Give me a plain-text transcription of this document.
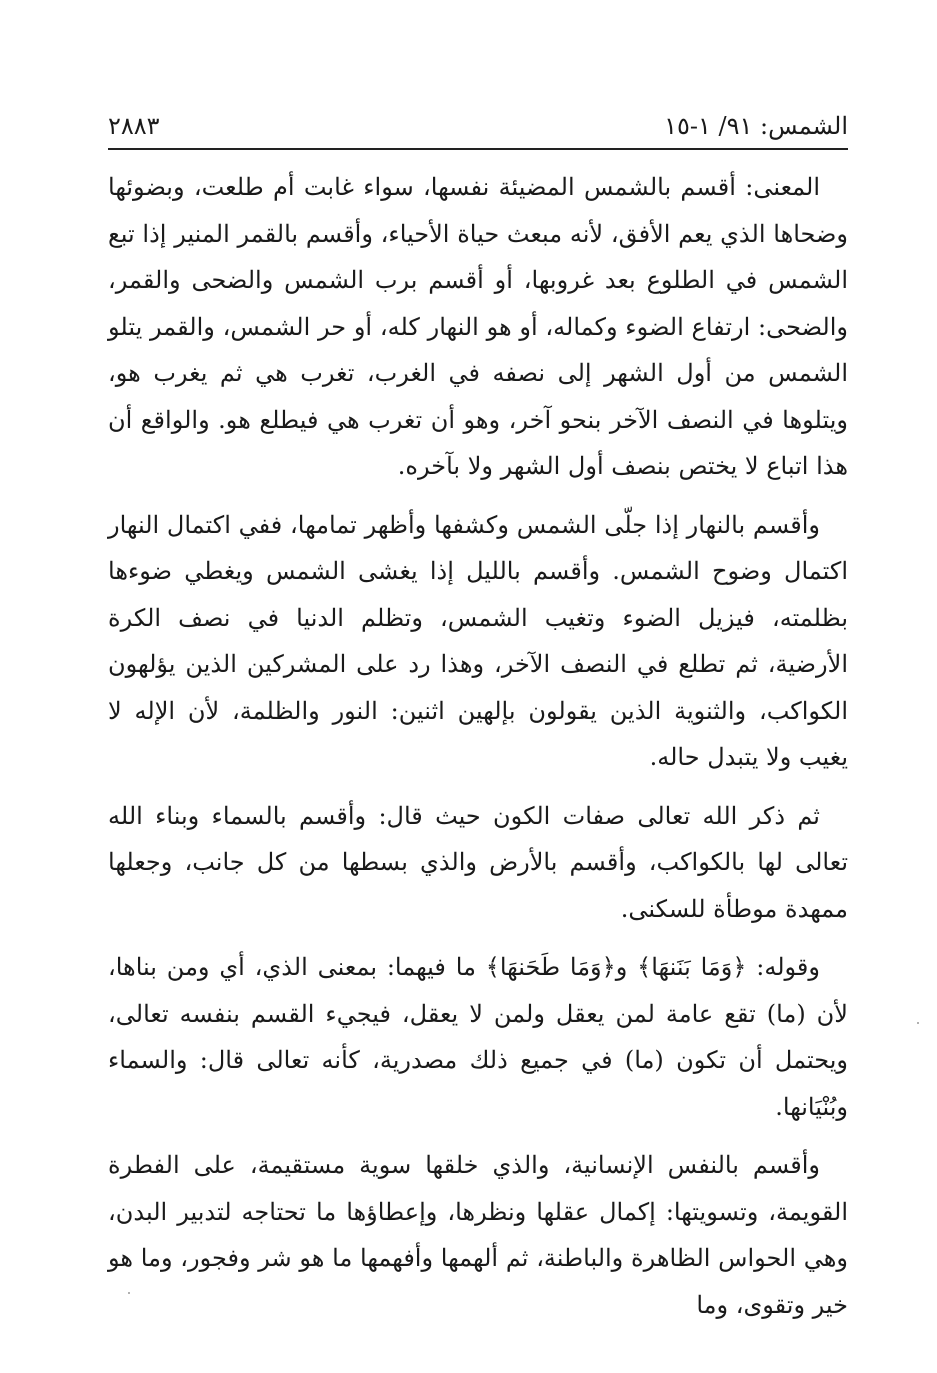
الشمس: ٩١/ ١-١٥
٢٨٨٣

المعنى: أقسم بالشمس المضيئة نفسها، سواء غابت أم طلعت، وبضوئها وضحاها الذي يعم الأفق، لأنه مبعث حياة الأحياء، وأقسم بالقمر المنير إذا تبع الشمس في الطلوع بعد غروبها، أو أقسم برب الشمس والضحى والقمر، والضحى: ارتفاع الضوء وكماله، أو هو النهار كله، أو حر الشمس، والقمر يتلو الشمس من أول الشهر إلى نصفه في الغرب، تغرب هي ثم يغرب هو، ويتلوها في النصف الآخر بنحو آخر، وهو أن تغرب هي فيطلع هو. والواقع أن هذا اتباع لا يختص بنصف أول الشهر ولا بآخره.

وأقسم بالنهار إذا جلّى الشمس وكشفها وأظهر تمامها، ففي اكتمال النهار اكتمال وضوح الشمس. وأقسم بالليل إذا يغشى الشمس ويغطي ضوءها بظلمته، فيزيل الضوء وتغيب الشمس، وتظلم الدنيا في نصف الكرة الأرضية، ثم تطلع في النصف الآخر، وهذا رد على المشركين الذين يؤلهون الكواكب، والثنوية الذين يقولون بإلهين اثنين: النور والظلمة، لأن الإله لا يغيب ولا يتبدل حاله.

ثم ذكر الله تعالى صفات الكون حيث قال: وأقسم بالسماء وبناء الله تعالى لها بالكواكب، وأقسم بالأرض والذي بسطها من كل جانب، وجعلها ممهدة موطأة للسكنى.

وقوله: ﴿وَمَا بَنَنهَا﴾ و﴿وَمَا طَحَنهَا﴾ ما فيهما: بمعنى الذي، أي ومن بناها، لأن (ما) تقع عامة لمن يعقل ولمن لا يعقل، فيجيء القسم بنفسه تعالى، ويحتمل أن تكون (ما) في جميع ذلك مصدرية، كأنه تعالى قال: والسماء وبُنْيَانها.

وأقسم بالنفس الإنسانية، والذي خلقها سوية مستقيمة، على الفطرة القويمة، وتسويتها: إكمال عقلها ونظرها، وإعطاؤها ما تحتاجه لتدبير البدن، وهي الحواس الظاهرة والباطنة، ثم ألهمها وأفهمها ما هو شر وفجور، وما هو خير وتقوى، وما
